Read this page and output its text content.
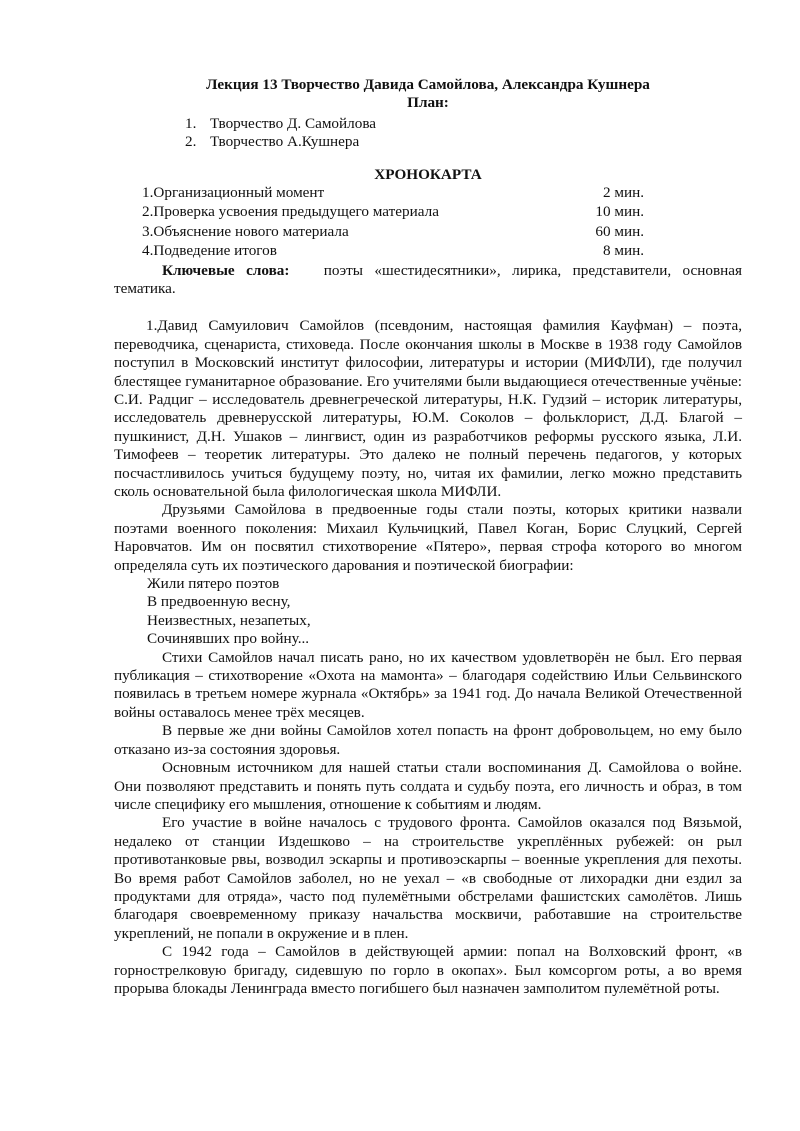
Лекция 13 Творчество Давида Самойлова, Александра Кушнера

План:

1. Творчество Д. Самойлова
2. Творчество А.Кушнера

ХРОНОКАРТА

1.Организационный момент	2 мин.
2.Проверка усвоения предыдущего материала	10 мин.
3.Объяснение нового материала	60 мин.
4.Подведение итогов	8 мин.

Ключевые слова: поэты «шестидесятники», лирика, представители, основная тематика.

1.Давид Самуилович Самойлов (псевдоним, настоящая фамилия Кауфман) – поэта, переводчика, сценариста, стиховеда. После окончания школы в Москве в 1938 году Самойлов поступил в Московский институт философии, литературы и истории (МИФЛИ), где получил блестящее гуманитарное образование. Его учителями были выдающиеся отечественные учёные: С.И. Радциг – исследователь древнегреческой литературы, Н.К. Гудзий – историк литературы, исследователь древнерусской литературы, Ю.М. Соколов – фольклорист, Д.Д. Благой – пушкинист, Д.Н. Ушаков – лингвист, один из разработчиков реформы русского языка, Л.И. Тимофеев – теоретик литературы. Это далеко не полный перечень педагогов, у которых посчастливилось учиться будущему поэту, но, читая их фамилии, легко можно представить сколь основательной была филологическая школа МИФЛИ.

Друзьями Самойлова в предвоенные годы стали поэты, которых критики назвали поэтами военного поколения: Михаил Кульчицкий, Павел Коган, Борис Слуцкий, Сергей Наровчатов. Им он посвятил стихотворение «Пятеро», первая строфа которого во многом определяла суть их поэтического дарования и поэтической биографии:

Жили пятеро поэтов
В предвоенную весну,
Неизвестных, незапетых,
Сочинявших про войну...

Стихи Самойлов начал писать рано, но их качеством удовлетворён не был. Его первая публикация – стихотворение «Охота на мамонта» – благодаря содействию Ильи Сельвинского появилась в третьем номере журнала «Октябрь» за 1941 год. До начала Великой Отечественной войны оставалось менее трёх месяцев.

В первые же дни войны Самойлов хотел попасть на фронт добровольцем, но ему было отказано из-за состояния здоровья.

Основным источником для нашей статьи стали воспоминания Д. Самойлова о войне. Они позволяют представить и понять путь солдата и судьбу поэта, его личность и образ, в том числе специфику его мышления, отношение к событиям и людям.

Его участие в войне началось с трудового фронта. Самойлов оказался под Вязьмой, недалеко от станции Издешково – на строительстве укреплённых рубежей: он рыл противотанковые рвы, возводил эскарпы и противоэскарпы – военные укрепления для пехоты. Во время работ Самойлов заболел, но не уехал – «в свободные от лихорадки дни ездил за продуктами для отряда», часто под пулемётными обстрелами фашистских самолётов. Лишь благодаря своевременному приказу начальства москвичи, работавшие на строительстве укреплений, не попали в окружение и в плен.

С 1942 года – Самойлов в действующей армии: попал на Волховский фронт, «в горнострелковую бригаду, сидевшую по горло в окопах». Был комсоргом роты, а во время прорыва блокады Ленинграда вместо погибшего был назначен замполитом пулемётной роты.
